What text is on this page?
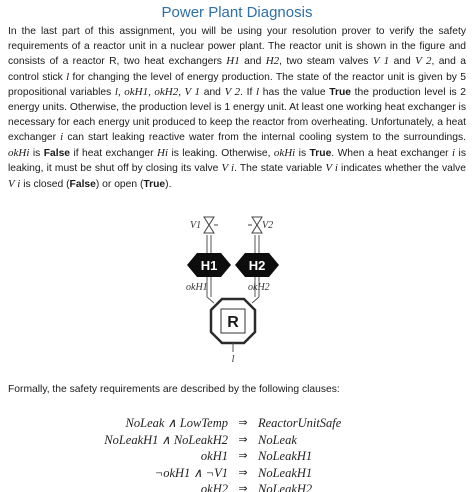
Power Plant Diagnosis

In the last part of this assignment, you will be using your resolution prover to verify the safety requirements of a reactor unit in a nuclear power plant. The reactor unit is shown in the figure and consists of a reactor R, two heat exchangers H1 and H2, two steam valves V 1 and V 2, and a control stick l for changing the level of energy production. The state of the reactor unit is given by 5 propositional variables l, okH1, okH2, V 1 and V 2. If l has the value True the production level is 2 energy units. Otherwise, the production level is 1 energy unit. At least one working heat exchanger is necessary for each energy unit produced to keep the reactor from overheating. Unfortunately, a heat exchanger i can start leaking reactive water from the internal cooling system to the surroundings. okHi is False if heat exchanger Hi is leaking. Otherwise, okHi is True. When a heat exchanger i is leaking, it must be shut off by closing its valve V i. The state variable V i indicates whether the valve V i is closed (False) or open (True).

V1	V2
H1 H2
okH1	okH2
R
l

Formally, the safety requirements are described by the following clauses:

NoLeak ∧ LowTemp ⇒ ReactorUnitSafe
NoLeakH1 ∧ NoLeakH2 ⇒ NoLeak
okH1 ⇒ NoLeakH1
¬okH1 ∧ ¬V1 ⇒ NoLeakH1
okH2 ⇒ NoLeakH2
